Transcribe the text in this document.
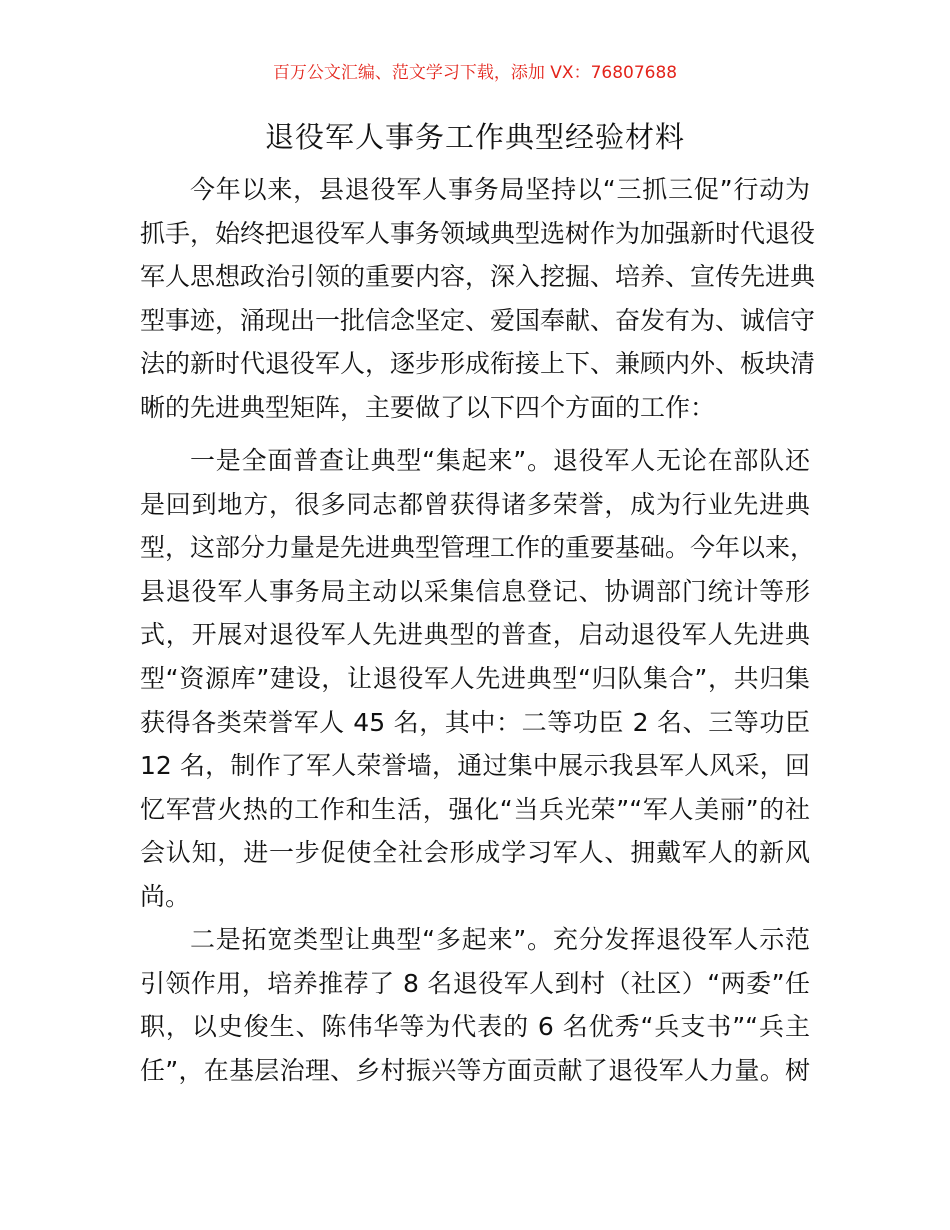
百万公文汇编、范文学习下载，添加 VX：76807688
退役军人事务工作典型经验材料
今年以来，县退役军人事务局坚持以“三抓三促”行动为
抓手，始终把退役军人事务领域典型选树作为加强新时代退役
军人思想政治引领的重要内容，深入挖掘、培养、宣传先进典
型事迹，涌现出一批信念坚定、爱国奉献、奋发有为、诚信守
法的新时代退役军人，逐步形成衔接上下、兼顾内外、板块清
晰的先进典型矩阵，主要做了以下四个方面的工作：
一是全面普查让典型“集起来”。退役军人无论在部队还
是回到地方，很多同志都曾获得诸多荣誉，成为行业先进典
型，这部分力量是先进典型管理工作的重要基础。今年以来，
县退役军人事务局主动以采集信息登记、协调部门统计等形
式，开展对退役军人先进典型的普查，启动退役军人先进典
型“资源库”建设，让退役军人先进典型“归队集合”，共归集
获得各类荣誉军人 45 名，其中：二等功臣 2 名、三等功臣
12 名，制作了军人荣誉墙，通过集中展示我县军人风采，回
忆军营火热的工作和生活，强化“当兵光荣”“军人美丽”的社
会认知，进一步促使全社会形成学习军人、拥戴军人的新风
尚。
二是拓宽类型让典型“多起来”。充分发挥退役军人示范
引领作用，培养推荐了 8 名退役军人到村（社区）“两委”任
职，以史俊生、陈伟华等为代表的 6 名优秀“兵支书”“兵主
任”，在基层治理、乡村振兴等方面贡献了退役军人力量。树
